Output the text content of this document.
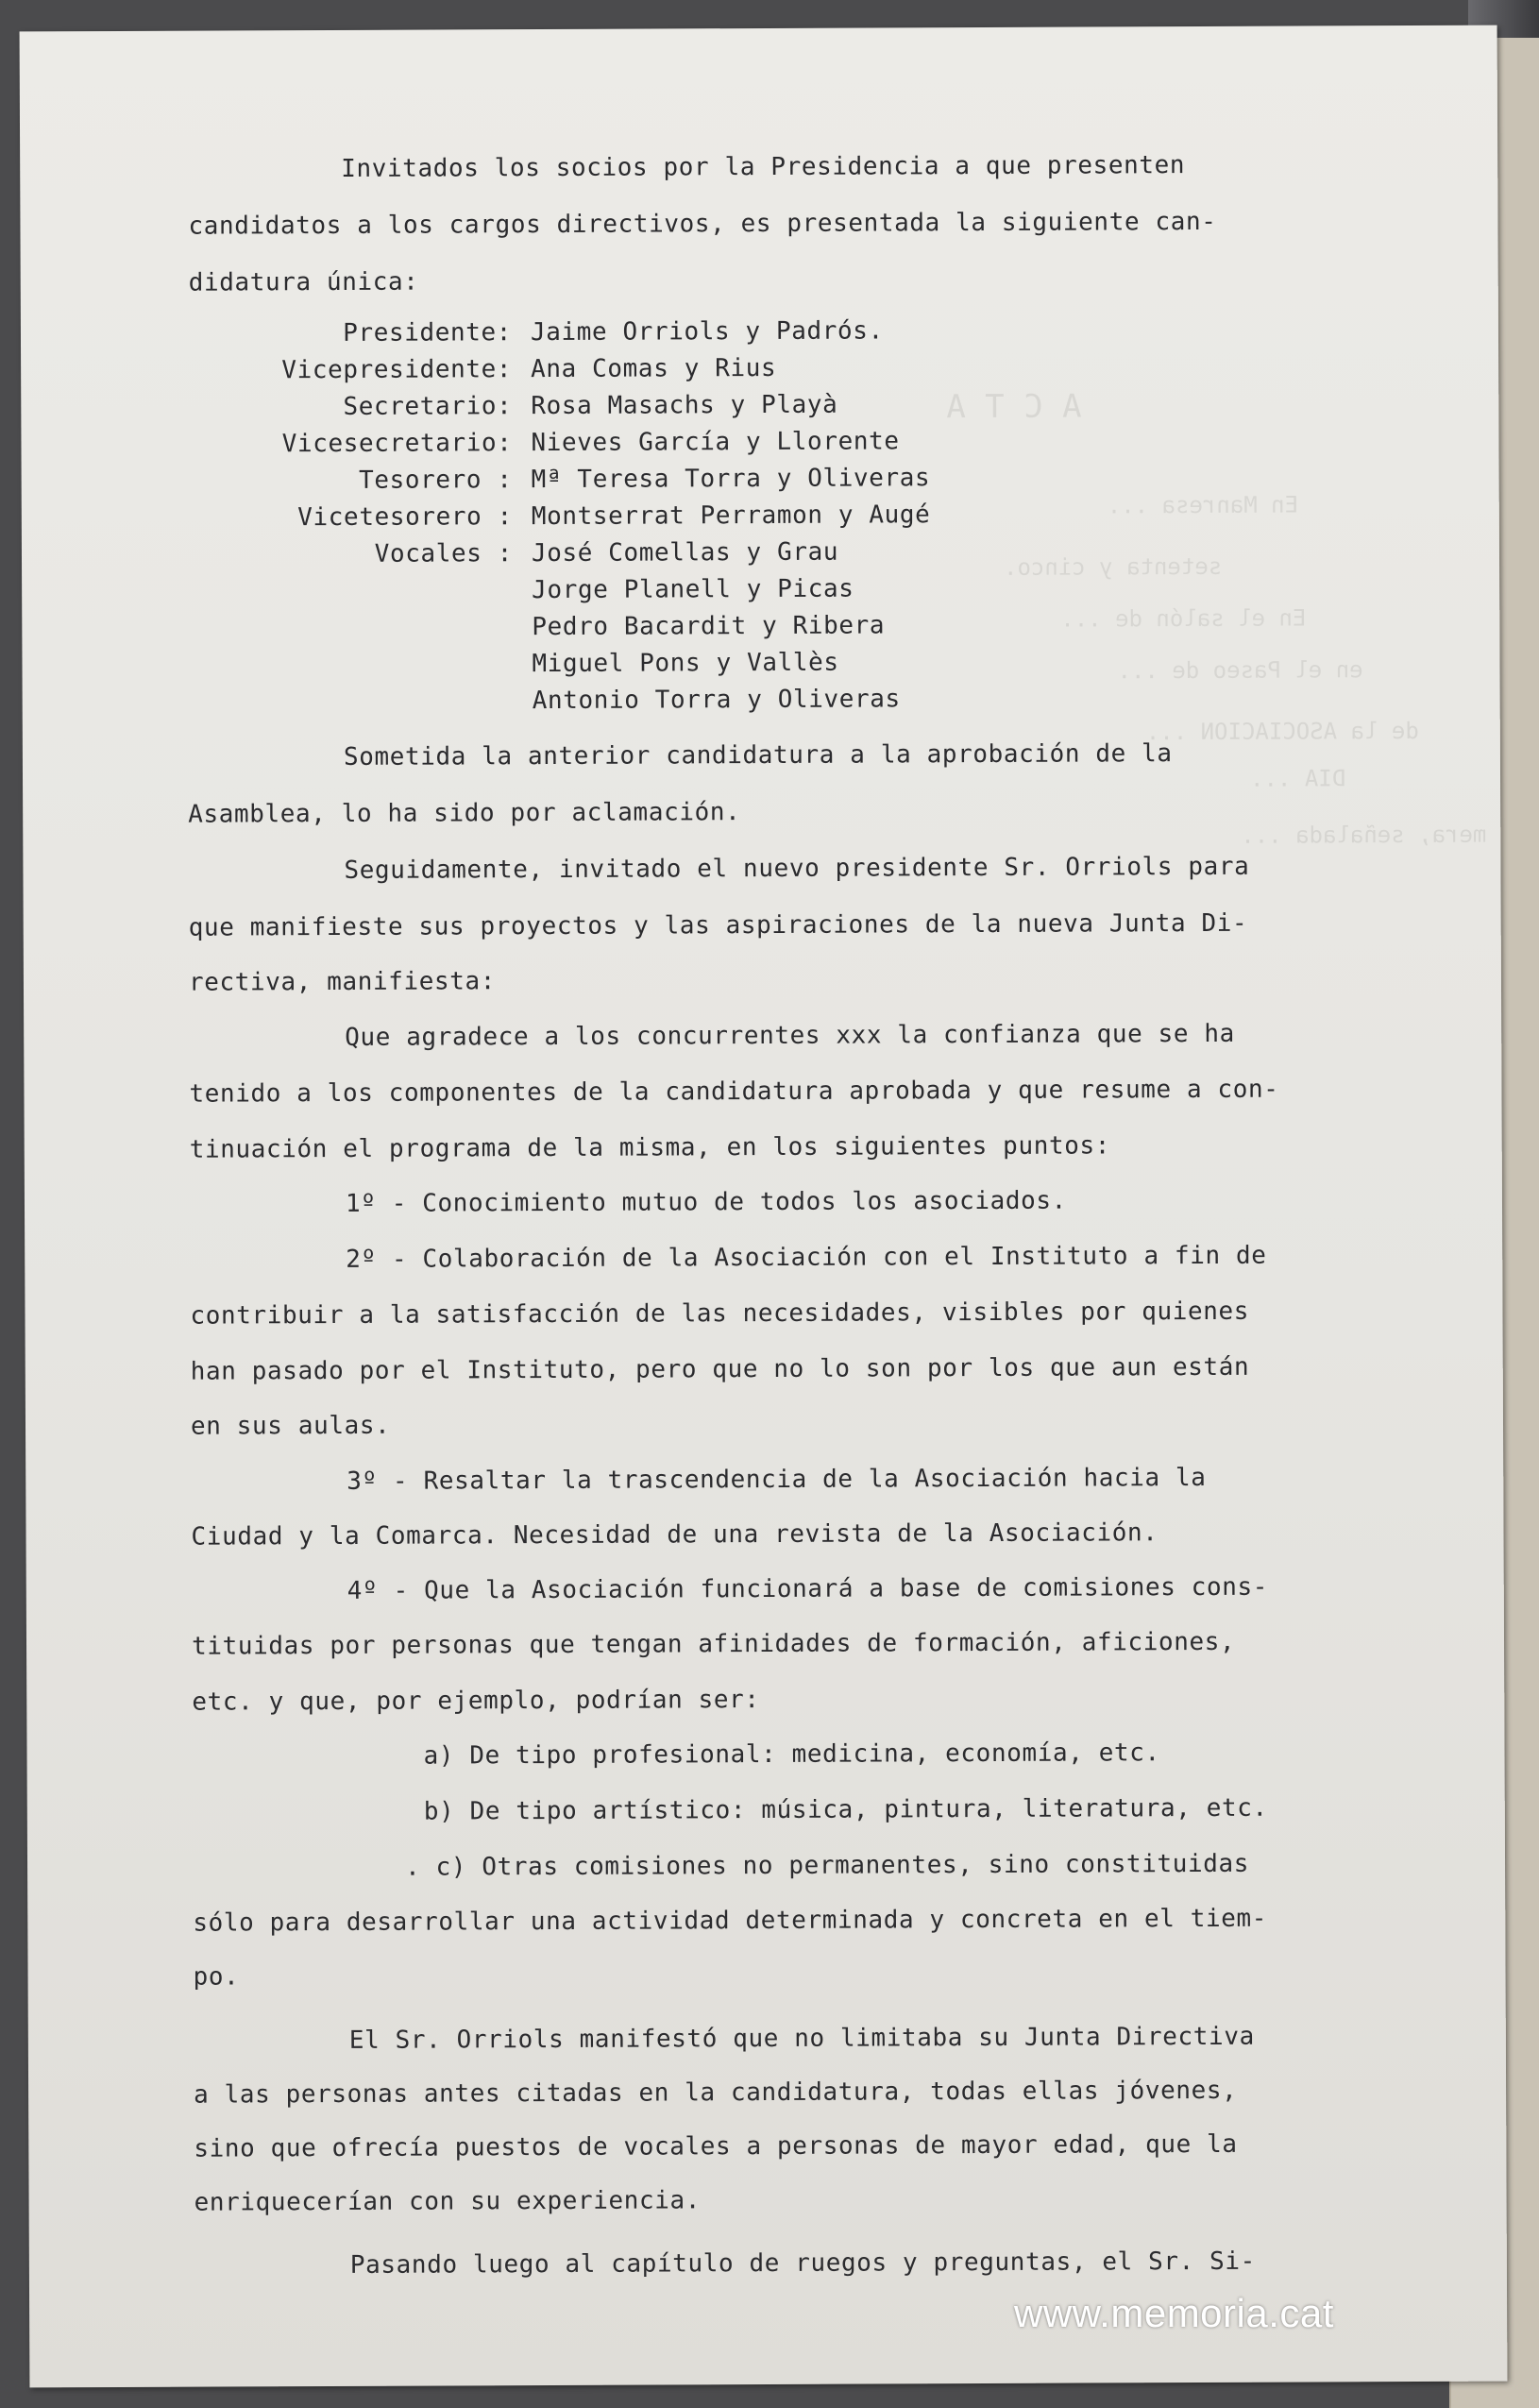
A C T A
En Manresa ...
setenta y cinco.
En el salón de ...
en el Paseo de ...
de la ASOCIACION ...
DIA ...
mera, señalada ...
Invitados los socios por la Presidencia a que presenten
candidatos a los cargos directivos, es presentada la siguiente can-
didatura única:
Presidente: Jaime Orriols y Padrós.
Vicepresidente: Ana Comas y Rius
Secretario: Rosa Masachs y Playà
Vicesecretario: Nieves García y Llorente
Tesorero : Mª Teresa Torra y Oliveras
Vicetesorero : Montserrat Perramon y Augé
Vocales : José Comellas y Grau
Jorge Planell y Picas
Pedro Bacardit y Ribera
Miguel Pons y Vallès
Antonio Torra y Oliveras
Sometida la anterior candidatura a la aprobación de la
Asamblea, lo ha sido por aclamación.
Seguidamente, invitado el nuevo presidente Sr. Orriols para
que manifieste sus proyectos y las aspiraciones de la nueva Junta Di-
rectiva, manifiesta:
Que agradece a los concurrentes xxx la confianza que se ha
tenido a los componentes de la candidatura aprobada y que resume a con-
tinuación el programa de la misma, en los siguientes puntos:
1º - Conocimiento mutuo de todos los asociados.
2º - Colaboración de la Asociación con el Instituto a fin de
contribuir a la satisfacción de las necesidades, visibles por quienes
han pasado por el Instituto, pero que no lo son por los que aun están
en sus aulas.
3º - Resaltar la trascendencia de la Asociación hacia la
Ciudad y la Comarca. Necesidad de una revista de la Asociación.
4º - Que la Asociación funcionará a base de comisiones cons-
tituidas por personas que tengan afinidades de formación, aficiones,
etc. y que, por ejemplo, podrían ser:
a) De tipo profesional: medicina, economía, etc.
b) De tipo artístico: música, pintura, literatura, etc.
. c) Otras comisiones no permanentes, sino constituidas
sólo para desarrollar una actividad determinada y concreta en el tiem-
po.
El Sr. Orriols manifestó que no limitaba su Junta Directiva
a las personas antes citadas en la candidatura, todas ellas jóvenes,
sino que ofrecía puestos de vocales a personas de mayor edad, que la
enriquecerían con su experiencia.
Pasando luego al capítulo de ruegos y preguntas, el Sr. Si-
www.memoria.cat
